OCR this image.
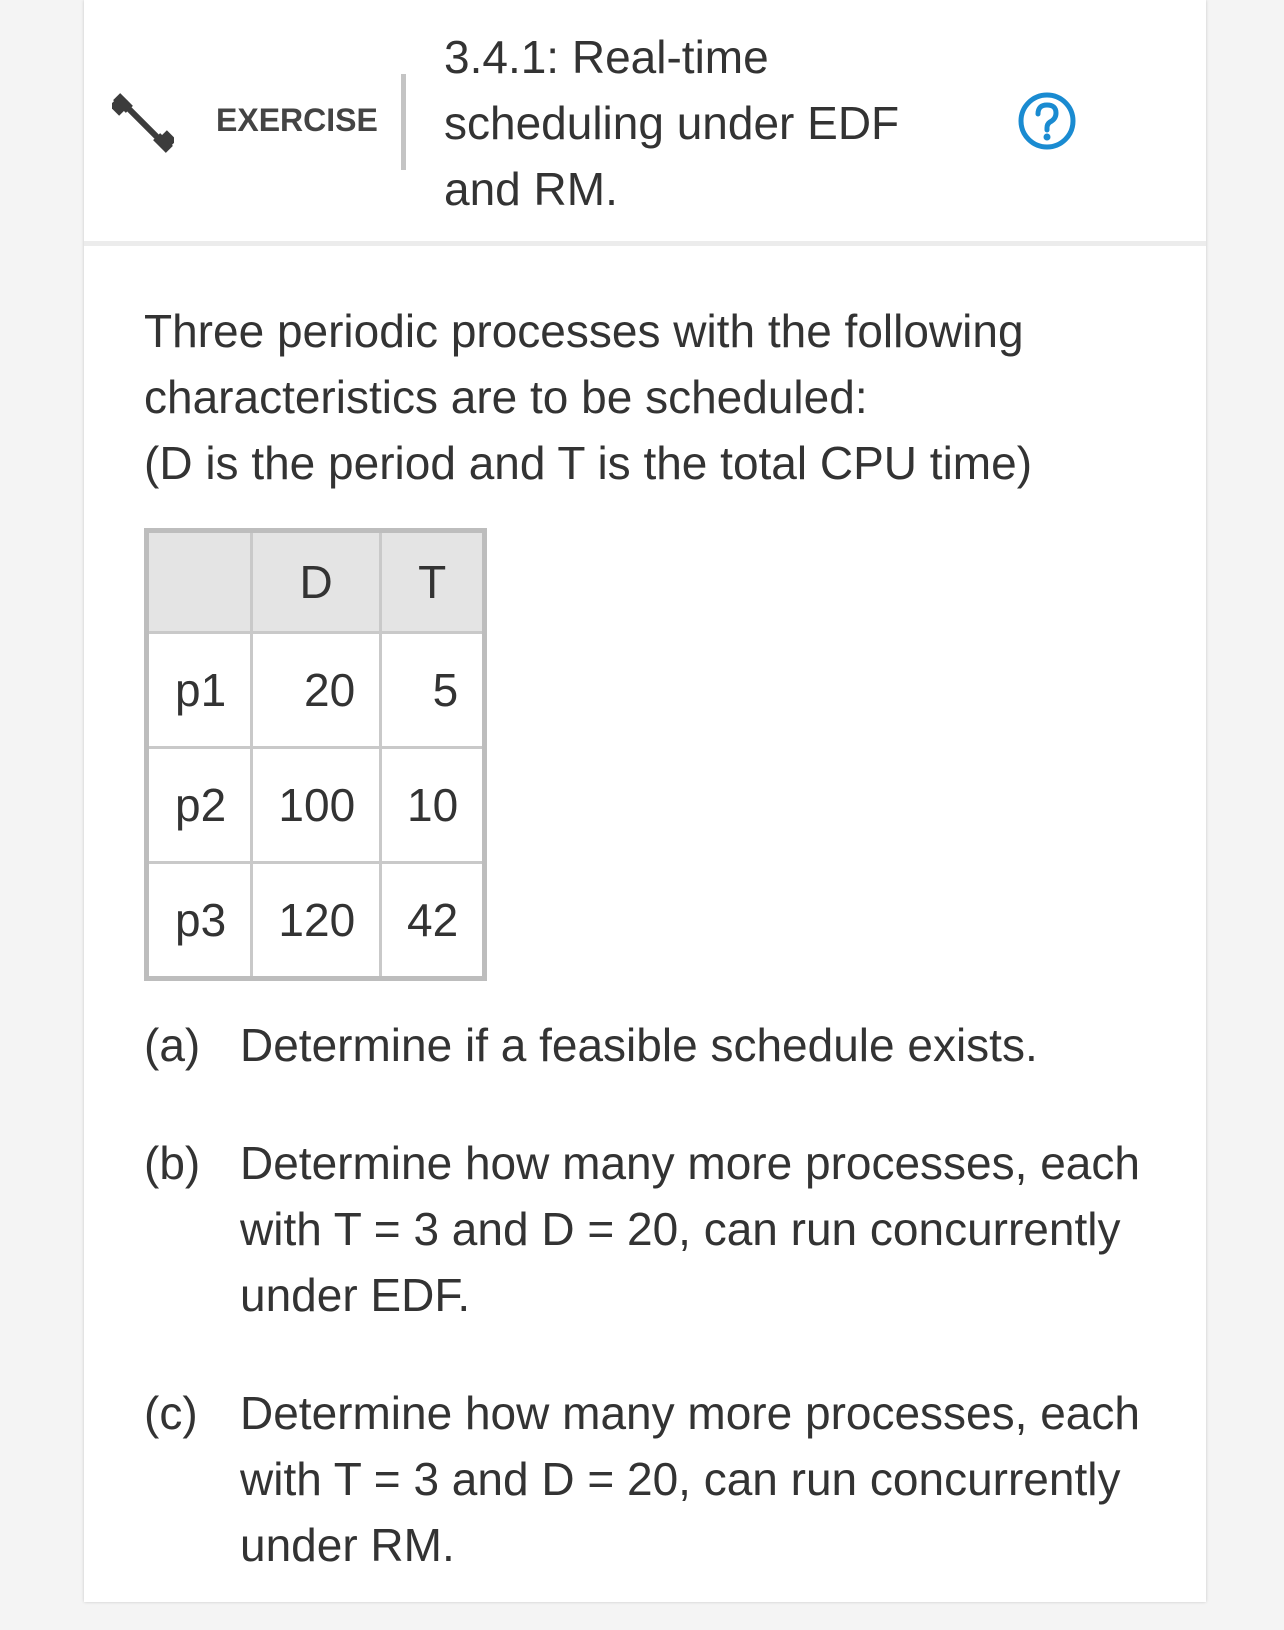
EXERCISE
3.4.1: Real-time
scheduling under EDF
and RM.

Three periodic processes with the following
characteristics are to be scheduled:
(D is the period and T is the total CPU time)

	D	T
p1	20	5
p2	100	10
p3	120	42
(a) Determine if a feasible schedule exists.
(b) Determine how many more processes, each
with T = 3 and D = 20, can run concurrently
under EDF.
(c) Determine how many more processes, each
with T = 3 and D = 20, can run concurrently
under RM.
